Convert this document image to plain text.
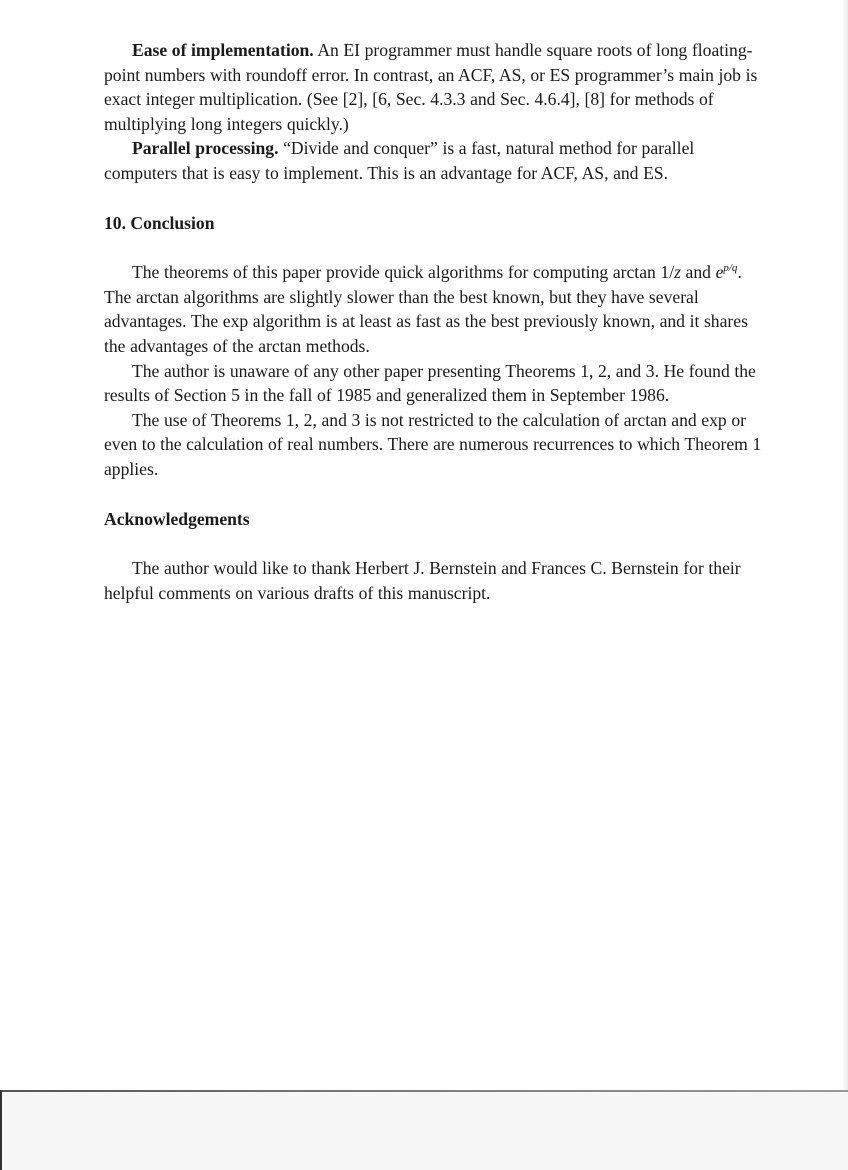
Ease of implementation. An EI programmer must handle square roots of long floating-point numbers with roundoff error. In contrast, an ACF, AS, or ES programmer’s main job is exact integer multiplication. (See [2], [6, Sec. 4.3.3 and Sec. 4.6.4], [8] for methods of multiplying long integers quickly.)

Parallel processing. “Divide and conquer” is a fast, natural method for parallel computers that is easy to implement. This is an advantage for ACF, AS, and ES.

10. Conclusion

The theorems of this paper provide quick algorithms for computing arctan 1/z and $e^{p/q}$. The arctan algorithms are slightly slower than the best known, but they have several advantages. The exp algorithm is at least as fast as the best previously known, and it shares the advantages of the arctan methods.

The author is unaware of any other paper presenting Theorems 1, 2, and 3. He found the results of Section 5 in the fall of 1985 and generalized them in September 1986.

The use of Theorems 1, 2, and 3 is not restricted to the calculation of arctan and exp or even to the calculation of real numbers. There are numerous recurrences to which Theorem 1 applies.

Acknowledgements

The author would like to thank Herbert J. Bernstein and Frances C. Bernstein for their helpful comments on various drafts of this manuscript.
